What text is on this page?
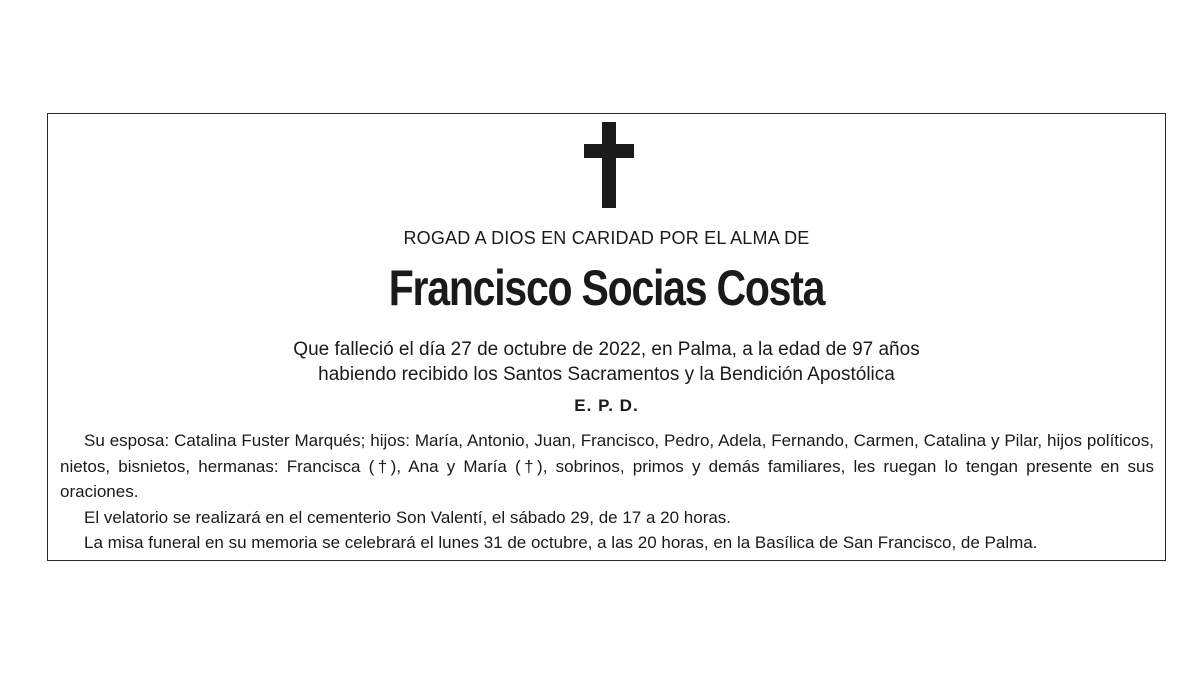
ROGAD A DIOS EN CARIDAD POR EL ALMA DE
Francisco Socias Costa
Que falleció el día 27 de octubre de 2022, en Palma, a la edad de 97 años
habiendo recibido los Santos Sacramentos y la Bendición Apostólica
E. P. D.
Su esposa: Catalina Fuster Marqués; hijos: María, Antonio, Juan, Francisco, Pedro, Adela, Fernando, Carmen, Catalina y Pilar, hijos políticos, nietos, bisnietos, hermanas: Francisca (†), Ana y María (†), sobrinos, primos y demás familiares, les ruegan lo tengan presente en sus oraciones.
El velatorio se realizará en el cementerio Son Valentí, el sábado 29, de 17 a 20 horas.
La misa funeral en su memoria se celebrará el lunes 31 de octubre, a las 20 horas, en la Basílica de San Francisco, de Palma.
